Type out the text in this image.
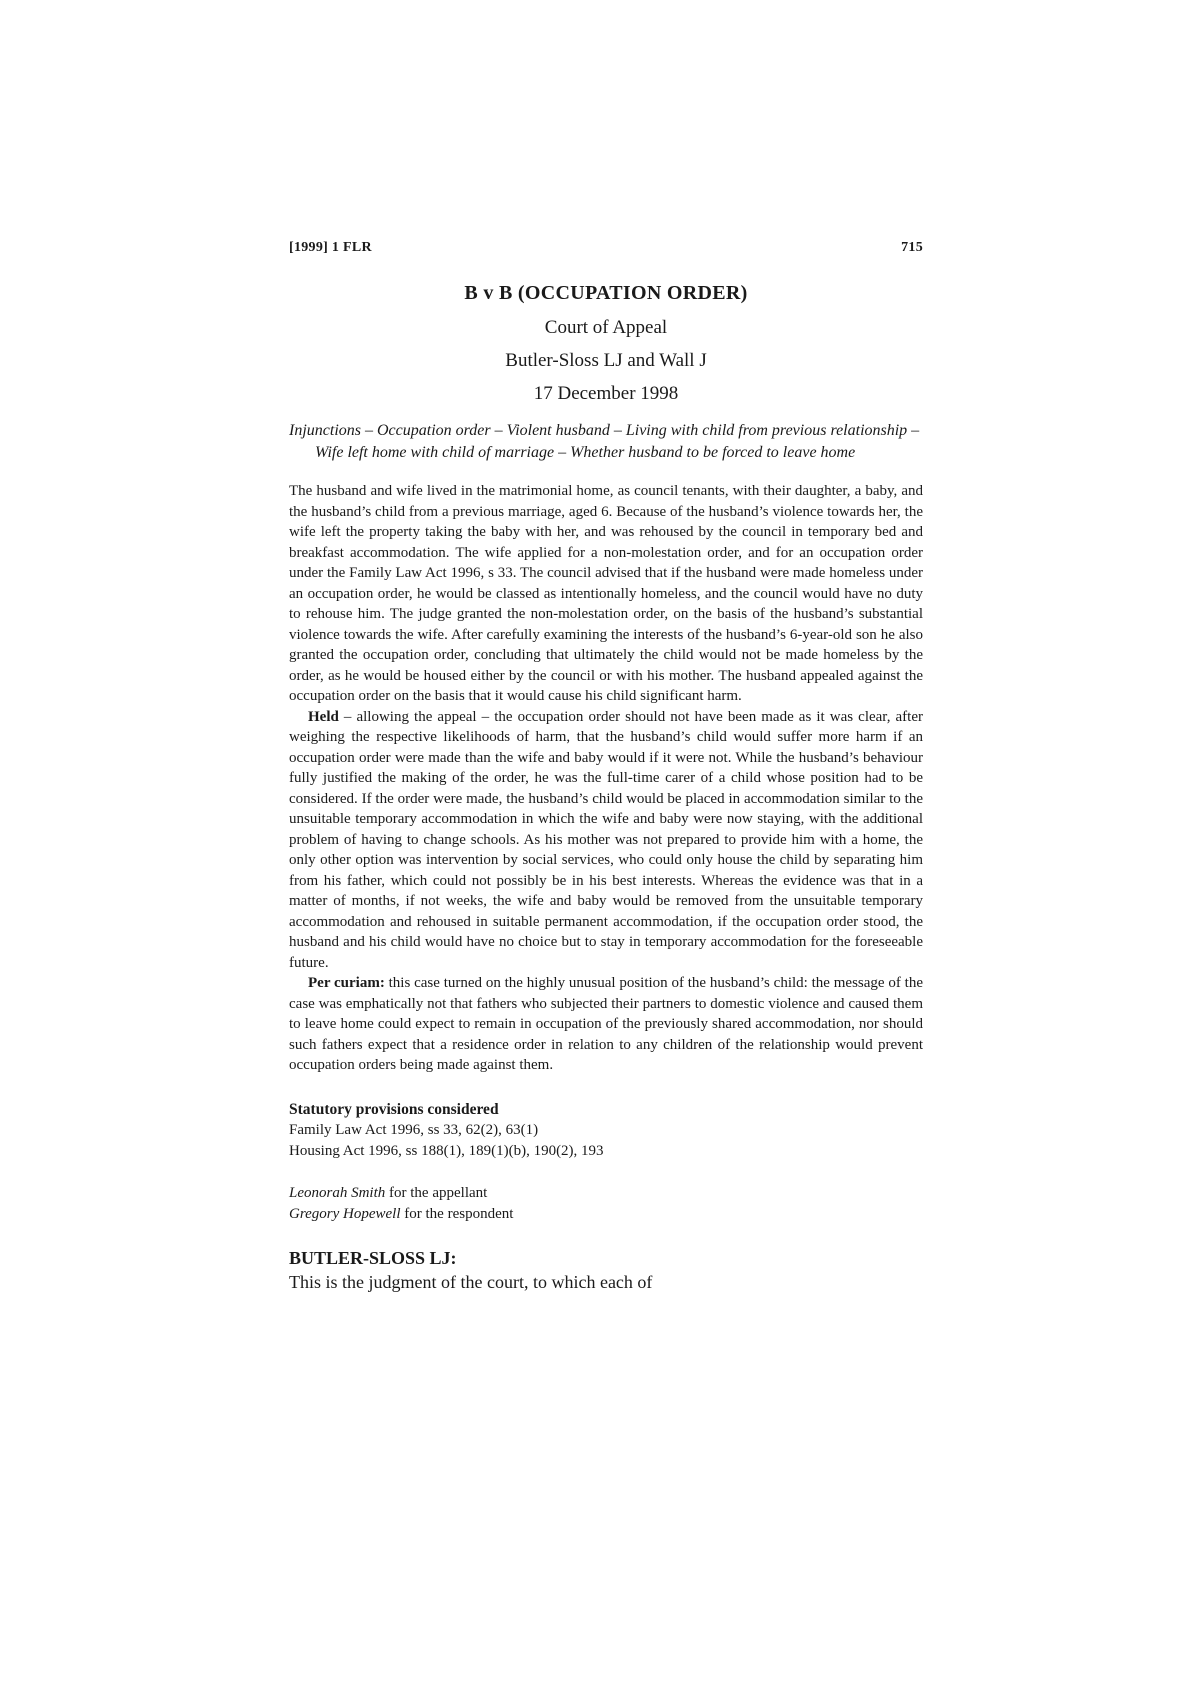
[1999] 1 FLR	715
B v B (OCCUPATION ORDER)

Court of Appeal

Butler-Sloss LJ and Wall J

17 December 1998

Injunctions – Occupation order – Violent husband – Living with child from previous relationship – Wife left home with child of marriage – Whether husband to be forced to leave home

The husband and wife lived in the matrimonial home, as council tenants, with their daughter, a baby, and the husband’s child from a previous marriage, aged 6. Because of the husband’s violence towards her, the wife left the property taking the baby with her, and was rehoused by the council in temporary bed and breakfast accommodation. The wife applied for a non-molestation order, and for an occupation order under the Family Law Act 1996, s 33. The council advised that if the husband were made homeless under an occupation order, he would be classed as intentionally homeless, and the council would have no duty to rehouse him. The judge granted the non-molestation order, on the basis of the husband’s substantial violence towards the wife. After carefully examining the interests of the husband’s 6-year-old son he also granted the occupation order, concluding that ultimately the child would not be made homeless by the order, as he would be housed either by the council or with his mother. The husband appealed against the occupation order on the basis that it would cause his child significant harm.

Held – allowing the appeal – the occupation order should not have been made as it was clear, after weighing the respective likelihoods of harm, that the husband’s child would suffer more harm if an occupation order were made than the wife and baby would if it were not. While the husband’s behaviour fully justified the making of the order, he was the full-time carer of a child whose position had to be considered. If the order were made, the husband’s child would be placed in accommodation similar to the unsuitable temporary accommodation in which the wife and baby were now staying, with the additional problem of having to change schools. As his mother was not prepared to provide him with a home, the only other option was intervention by social services, who could only house the child by separating him from his father, which could not possibly be in his best interests. Whereas the evidence was that in a matter of months, if not weeks, the wife and baby would be removed from the unsuitable temporary accommodation and rehoused in suitable permanent accommodation, if the occupation order stood, the husband and his child would have no choice but to stay in temporary accommodation for the foreseeable future.

Per curiam: this case turned on the highly unusual position of the husband’s child: the message of the case was emphatically not that fathers who subjected their partners to domestic violence and caused them to leave home could expect to remain in occupation of the previously shared accommodation, nor should such fathers expect that a residence order in relation to any children of the relationship would prevent occupation orders being made against them.

Statutory provisions considered

Family Law Act 1996, ss 33, 62(2), 63(1)

Housing Act 1996, ss 188(1), 189(1)(b), 190(2), 193

Leonorah Smith for the appellant

Gregory Hopewell for the respondent

BUTLER-SLOSS LJ:

This is the judgment of the court, to which each of
